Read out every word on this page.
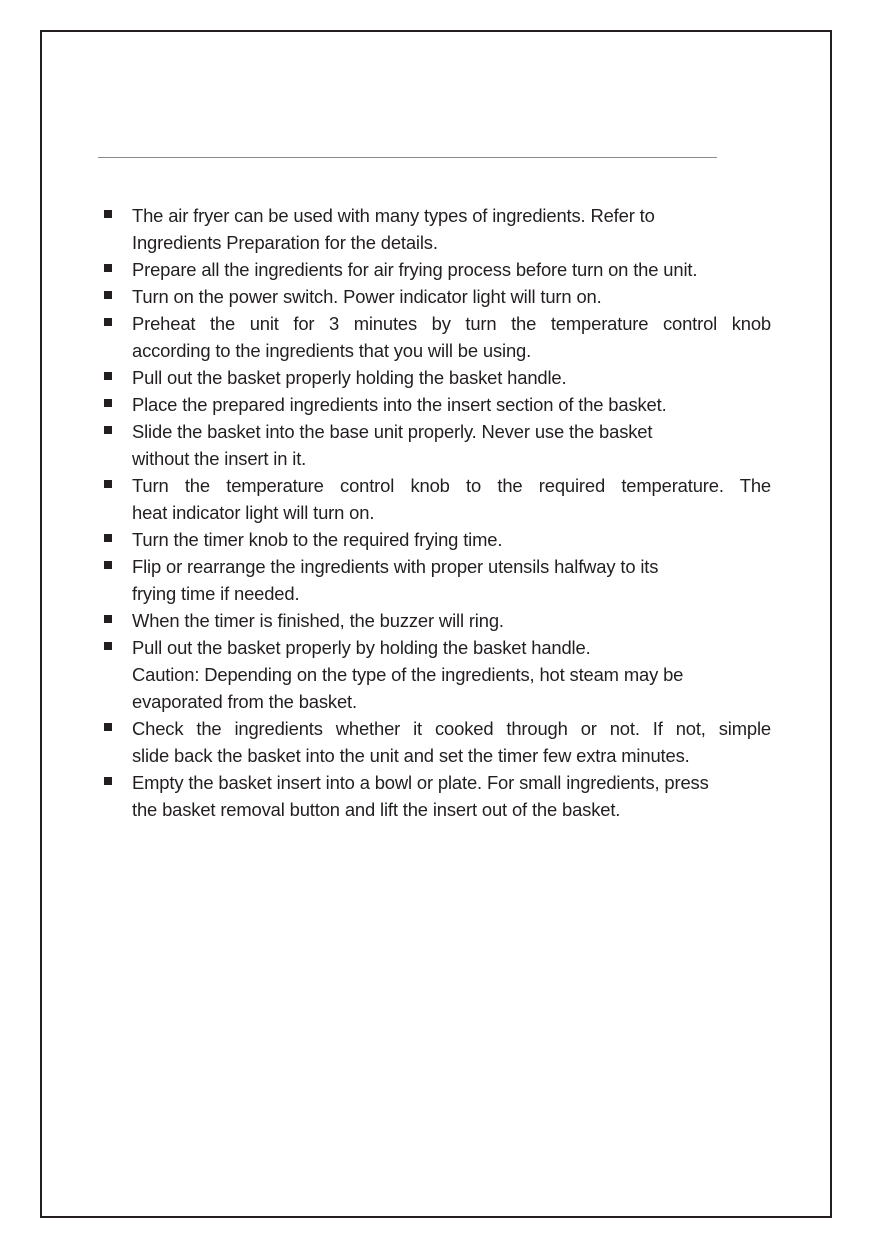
The air fryer can be used with many types of ingredients. Refer to
Ingredients Preparation for the details.
Prepare all the ingredients for air frying process before turn on the unit.
Turn on the power switch. Power indicator light will turn on.
Preheat the unit for 3 minutes by turn the temperature control knob
according to the ingredients that you will be using.
Pull out the basket properly holding the basket handle.
Place the prepared ingredients into the insert section of the basket.
Slide the basket into the base unit properly. Never use the basket
without the insert in it.
Turn the temperature control knob to the required temperature. The
heat indicator light will turn on.
Turn the timer knob to the required frying time.
Flip or rearrange the ingredients with proper utensils halfway to its
frying time if needed.
When the timer is finished, the buzzer will ring.
Pull out the basket properly by holding the basket handle.
Caution: Depending on the type of the ingredients, hot steam may be
evaporated from the basket.
Check the ingredients whether it cooked through or not. If not, simple
slide back the basket into the unit and set the timer few extra minutes.
Empty the basket insert into a bowl or plate. For small ingredients, press
the basket removal button and lift the insert out of the basket.
